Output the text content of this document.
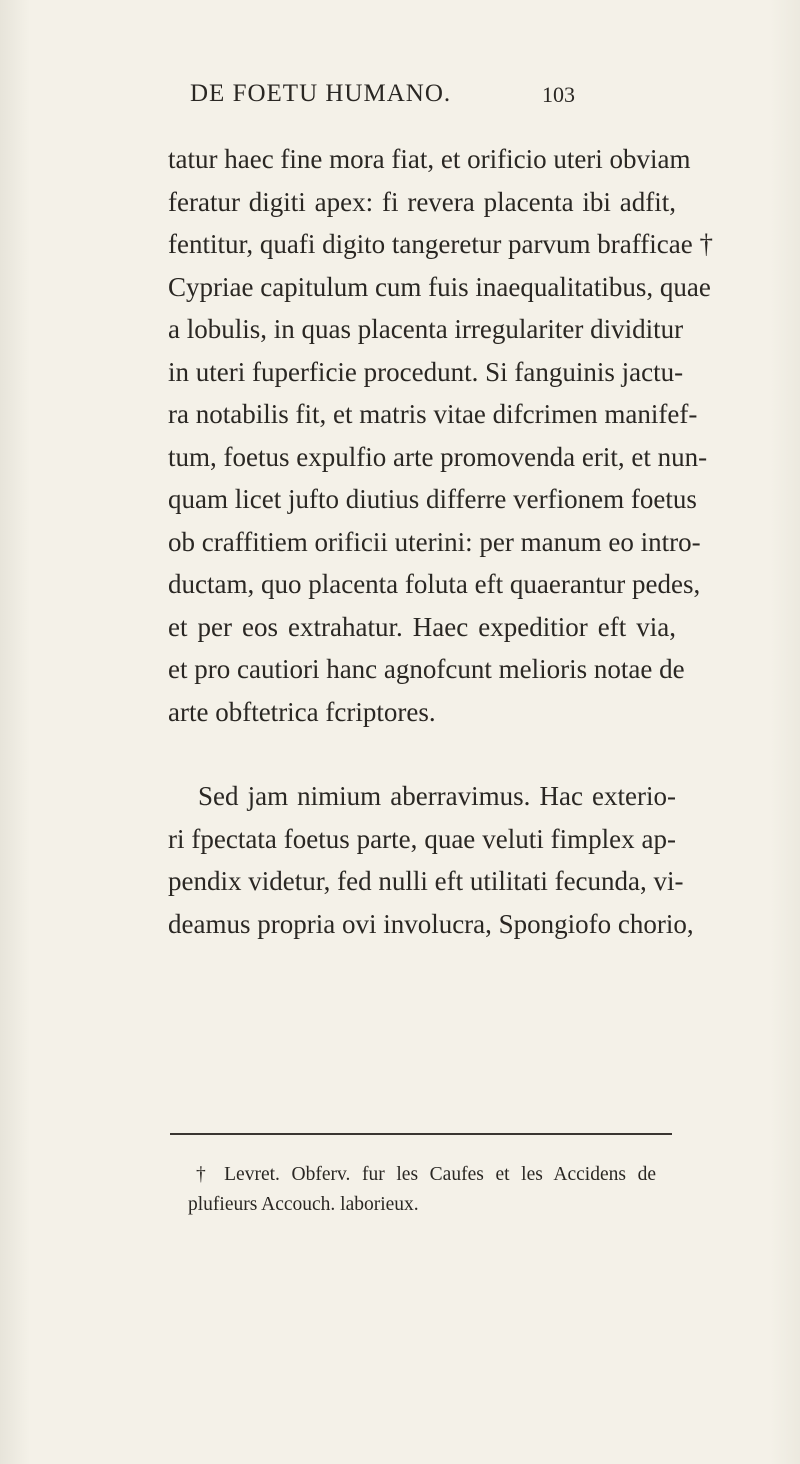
DE FOETU HUMANO.	103
tatur haec fine mora fiat, et orificio uteri obviam
feratur digiti apex: fi revera placenta ibi adfit,
fentitur, quafi digito tangeretur parvum brafficae †
Cypriae capitulum cum fuis inaequalitatibus, quae
a lobulis, in quas placenta irregulariter dividitur
in uteri fuperficie procedunt. Si fanguinis jactu-
ra notabilis fit, et matris vitae difcrimen manifef-
tum, foetus expulfio arte promovenda erit, et nun-
quam licet jufto diutius differre verfionem foetus
ob craffitiem orificii uterini: per manum eo intro-
ductam, quo placenta foluta eft quaerantur pedes,
et per eos extrahatur. Haec expeditior eft via,
et pro cautiori hanc agnofcunt melioris notae de
arte obftetrica fcriptores.
Sed jam nimium aberravimus. Hac exterio-
ri fpectata foetus parte, quae veluti fimplex ap-
pendix videtur, fed nulli eft utilitati fecunda, vi-
deamus propria ovi involucra, Spongiofo chorio,
† Levret. Obferv. fur les Caufes et les Accidens de
plufieurs Accouch. laborieux.
